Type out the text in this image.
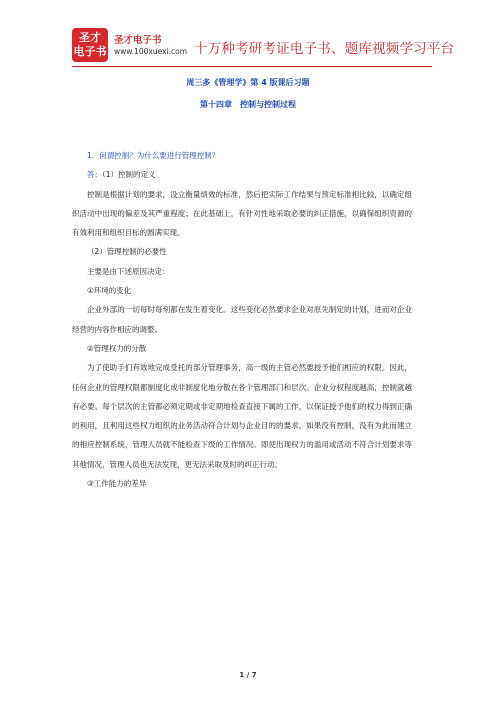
圣才
电子书
圣才电子书
www.100xuexi.com 十万种考研考证电子书、题库视频学习平台
周三多《管理学》第 4 版课后习题
第十四章　控制与控制过程

1．何谓控制？为什么要进行管理控制？

答：（1）控制的定义

控制是根据计划的要求，设立衡量绩效的标准，然后把实际工作结果与预定标准相比较，以确定组织活动中出现的偏差及其严重程度；在此基础上，有针对性地采取必要的纠正措施，以确保组织资源的有效利用和组织目标的圆满实现。

（2）管理控制的必要性

主要是由下述原因决定：

①环境的变化

企业外部的一切每时每刻都在发生着变化。这些变化必然要求企业对原先制定的计划，进而对企业经营的内容作相应的调整。

②管理权力的分散

为了使助手们有效地完成受托的部分管理事务，高一级的主管必然要授予他们相应的权限。因此，任何企业的管理权限都制度化或非制度化地分散在各个管理部门和层次。企业分权程度越高，控制就越有必要。每个层次的主管都必须定期或非定期地检查直接下属的工作，以保证授予他们的权力得到正确的利用，且利用这些权力组织的业务活动符合计划与企业目的的要求。如果没有控制，没有为此而建立的相应控制系统，管理人员就不能检查下级的工作情况。即使出现权力的滥用或活动不符合计划要求等其他情况，管理人员也无法发现，更无法采取及时的纠正行动。

③工作能力的差异

1 / 7
